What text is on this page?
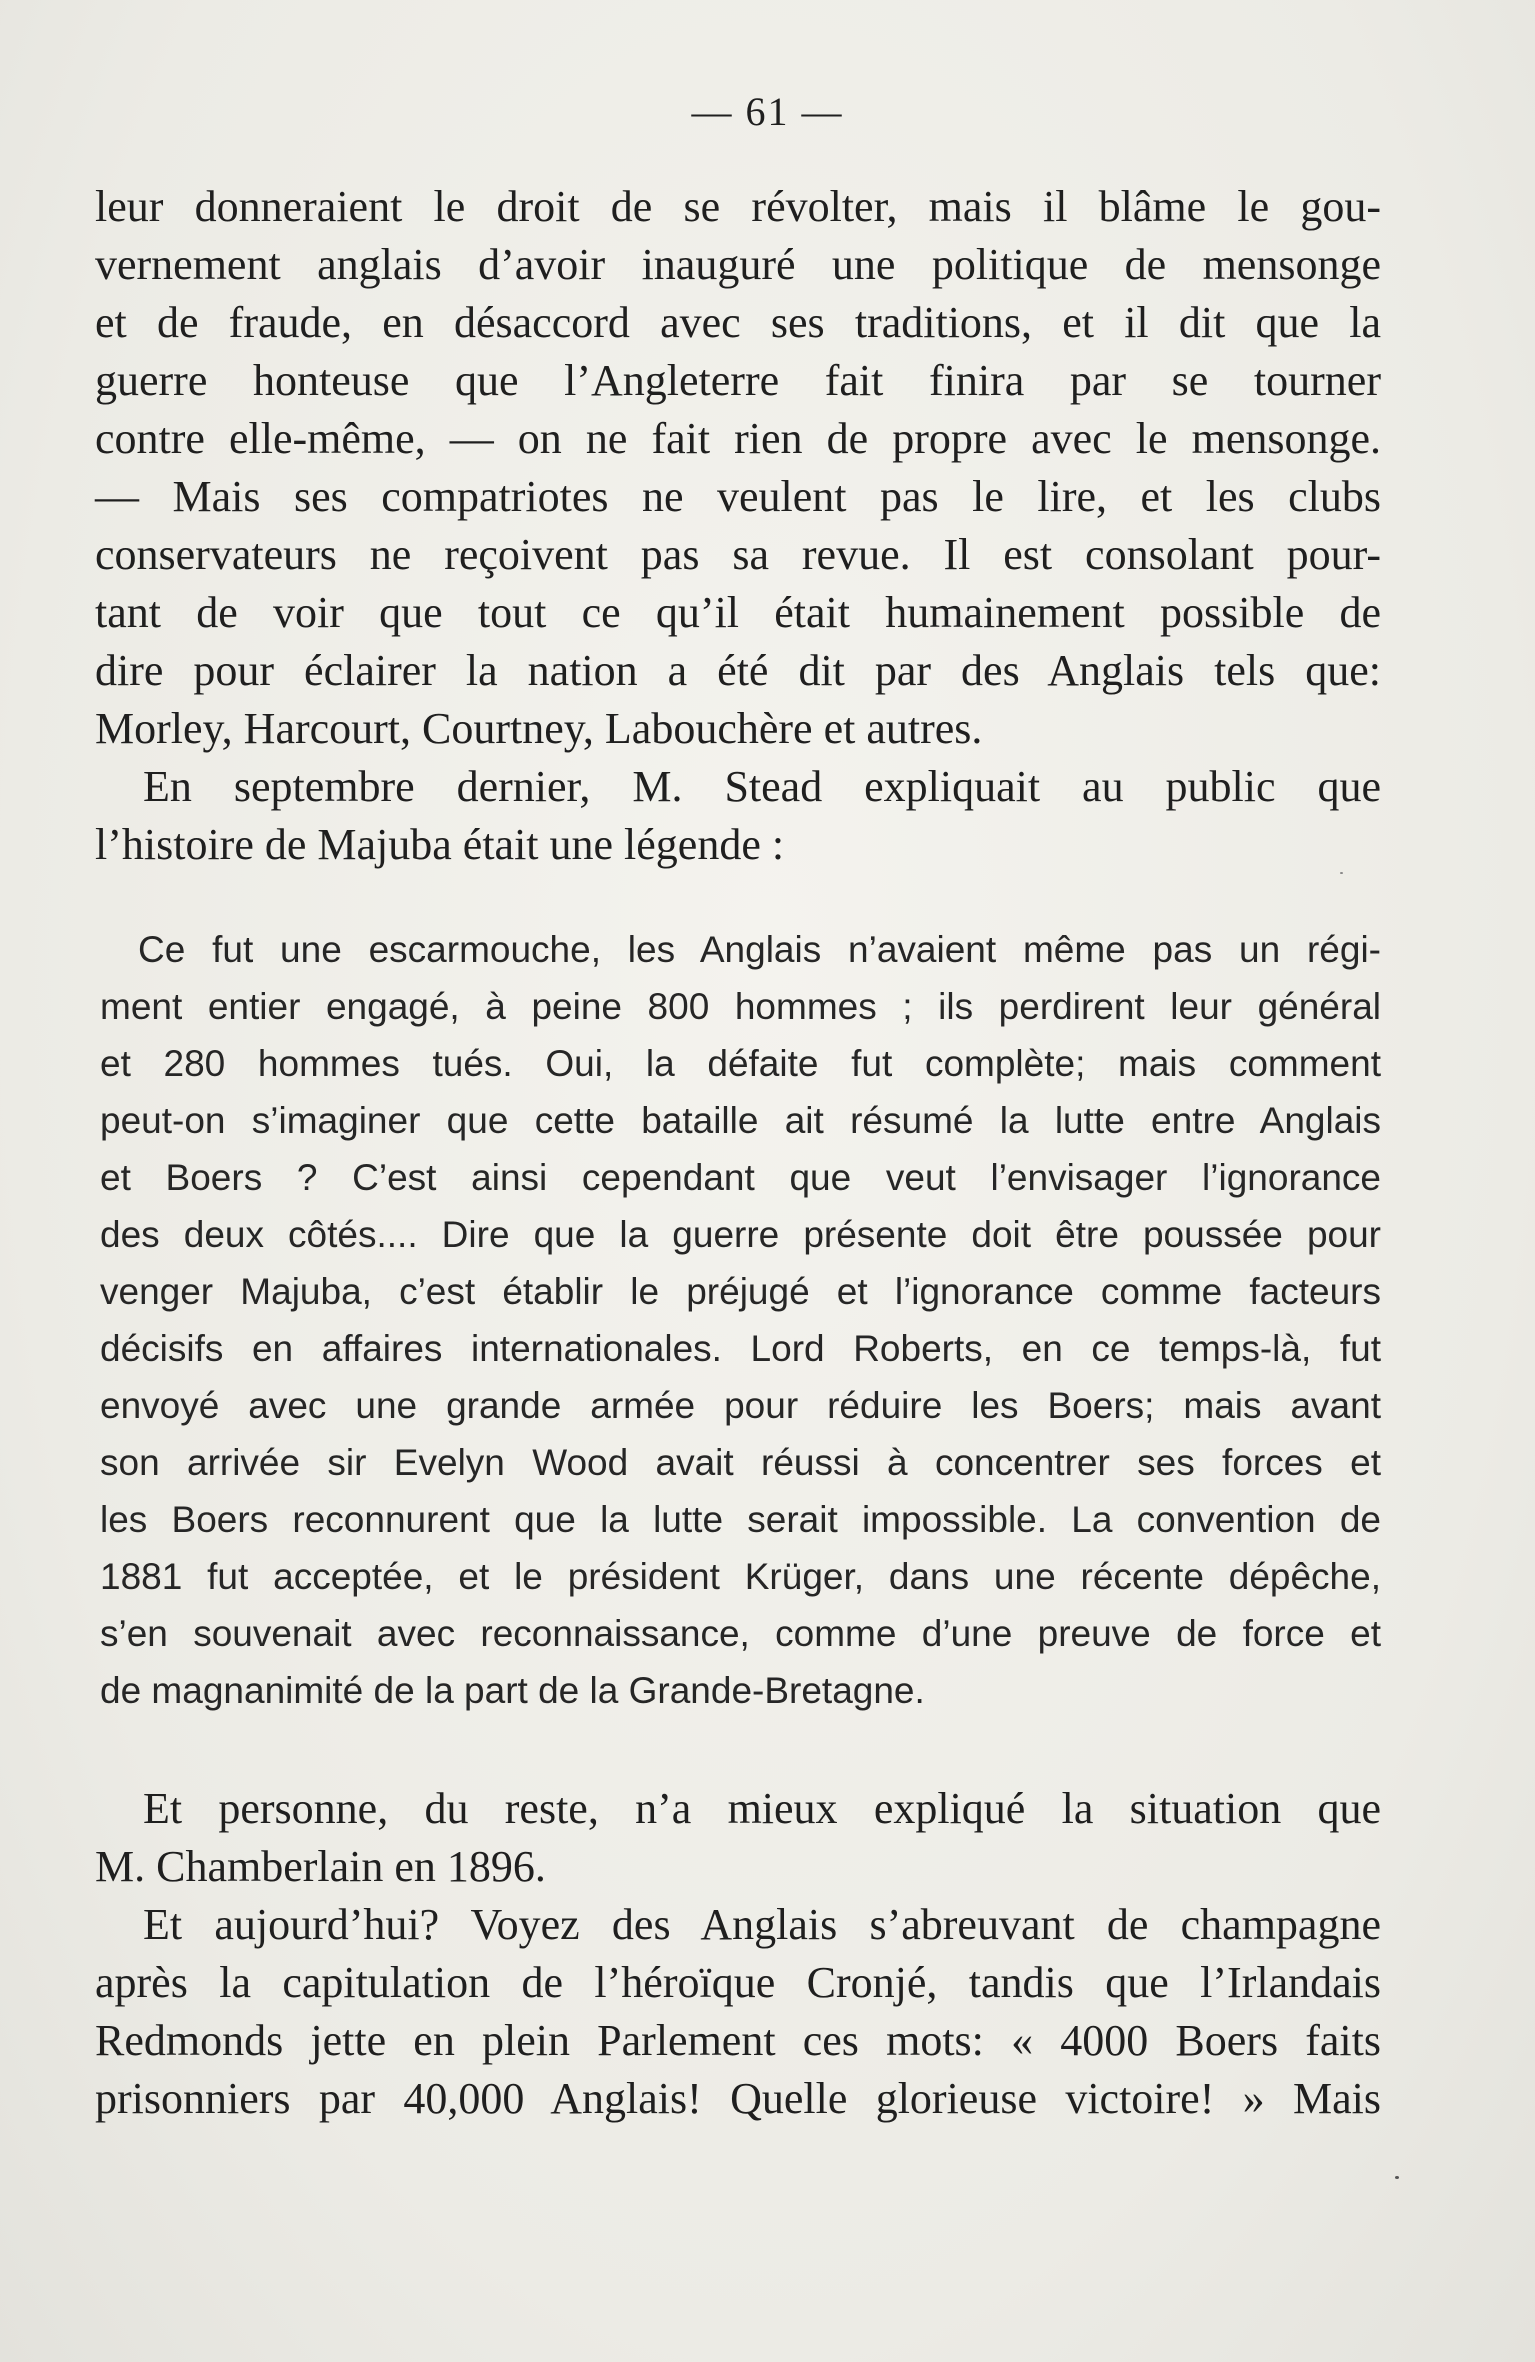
— 61 —
leur donneraient le droit de se révolter, mais il blâme le gou-
vernement anglais d’avoir inauguré une politique de mensonge
et de fraude, en désaccord avec ses traditions, et il dit que la
guerre honteuse que l’Angleterre fait finira par se tourner
contre elle-même, — on ne fait rien de propre avec le mensonge.
— Mais ses compatriotes ne veulent pas le lire, et les clubs
conservateurs ne reçoivent pas sa revue. Il est consolant pour-
tant de voir que tout ce qu’il était humainement possible de
dire pour éclairer la nation a été dit par des Anglais tels que:
Morley, Harcourt, Courtney, Labouchère et autres.
En septembre dernier, M. Stead expliquait au public que
l’histoire de Majuba était une légende :
Ce fut une escarmouche, les Anglais n’avaient même pas un régi-
ment entier engagé, à peine 800 hommes ; ils perdirent leur général
et 280 hommes tués. Oui, la défaite fut complète; mais comment
peut-on s’imaginer que cette bataille ait résumé la lutte entre Anglais
et Boers ? C’est ainsi cependant que veut l’envisager l’ignorance
des deux côtés.... Dire que la guerre présente doit être poussée pour
venger Majuba, c’est établir le préjugé et l’ignorance comme facteurs
décisifs en affaires internationales. Lord Roberts, en ce temps-là, fut
envoyé avec une grande armée pour réduire les Boers; mais avant
son arrivée sir Evelyn Wood avait réussi à concentrer ses forces et
les Boers reconnurent que la lutte serait impossible. La convention de
1881 fut acceptée, et le président Krüger, dans une récente dépêche,
s’en souvenait avec reconnaissance, comme d’une preuve de force et
de magnanimité de la part de la Grande-Bretagne.
Et personne, du reste, n’a mieux expliqué la situation que
M. Chamberlain en 1896.
Et aujourd’hui? Voyez des Anglais s’abreuvant de champagne
après la capitulation de l’héroïque Cronjé, tandis que l’Irlandais
Redmonds jette en plein Parlement ces mots: « 4000 Boers faits
prisonniers par 40,000 Anglais! Quelle glorieuse victoire! » Mais
